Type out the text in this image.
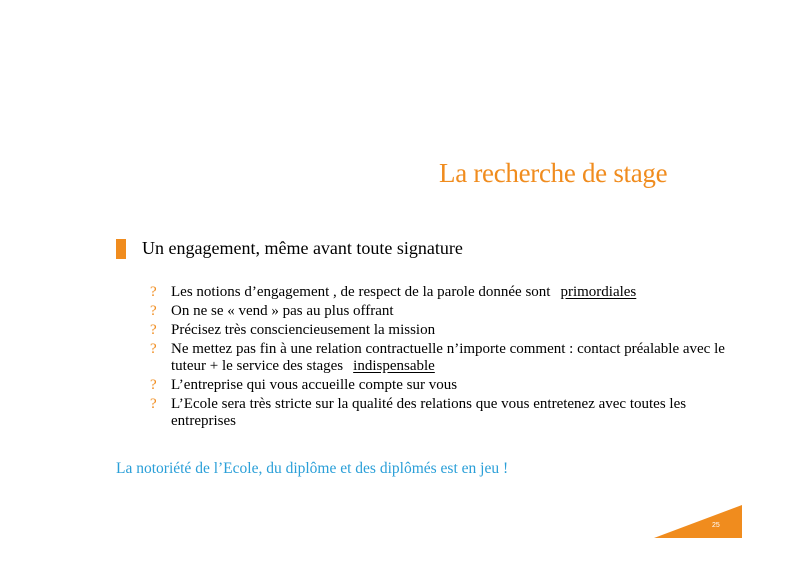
La recherche de stage
Un engagement, même avant toute signature
? Les notions d’engagement , de respect de la parole donnée sont primordiales
? On ne se « vend » pas au plus offrant
? Précisez très consciencieusement la mission
? Ne mettez pas fin à une relation contractuelle n’importe comment : contact préalable avec le tuteur + le service des stages indispensable
? L’entreprise qui vous accueille compte sur vous
? L’Ecole sera très stricte sur la qualité des relations que vous entretenez avec toutes les entreprises
La notoriété de l’Ecole, du diplôme et des diplômés est en jeu !
25
